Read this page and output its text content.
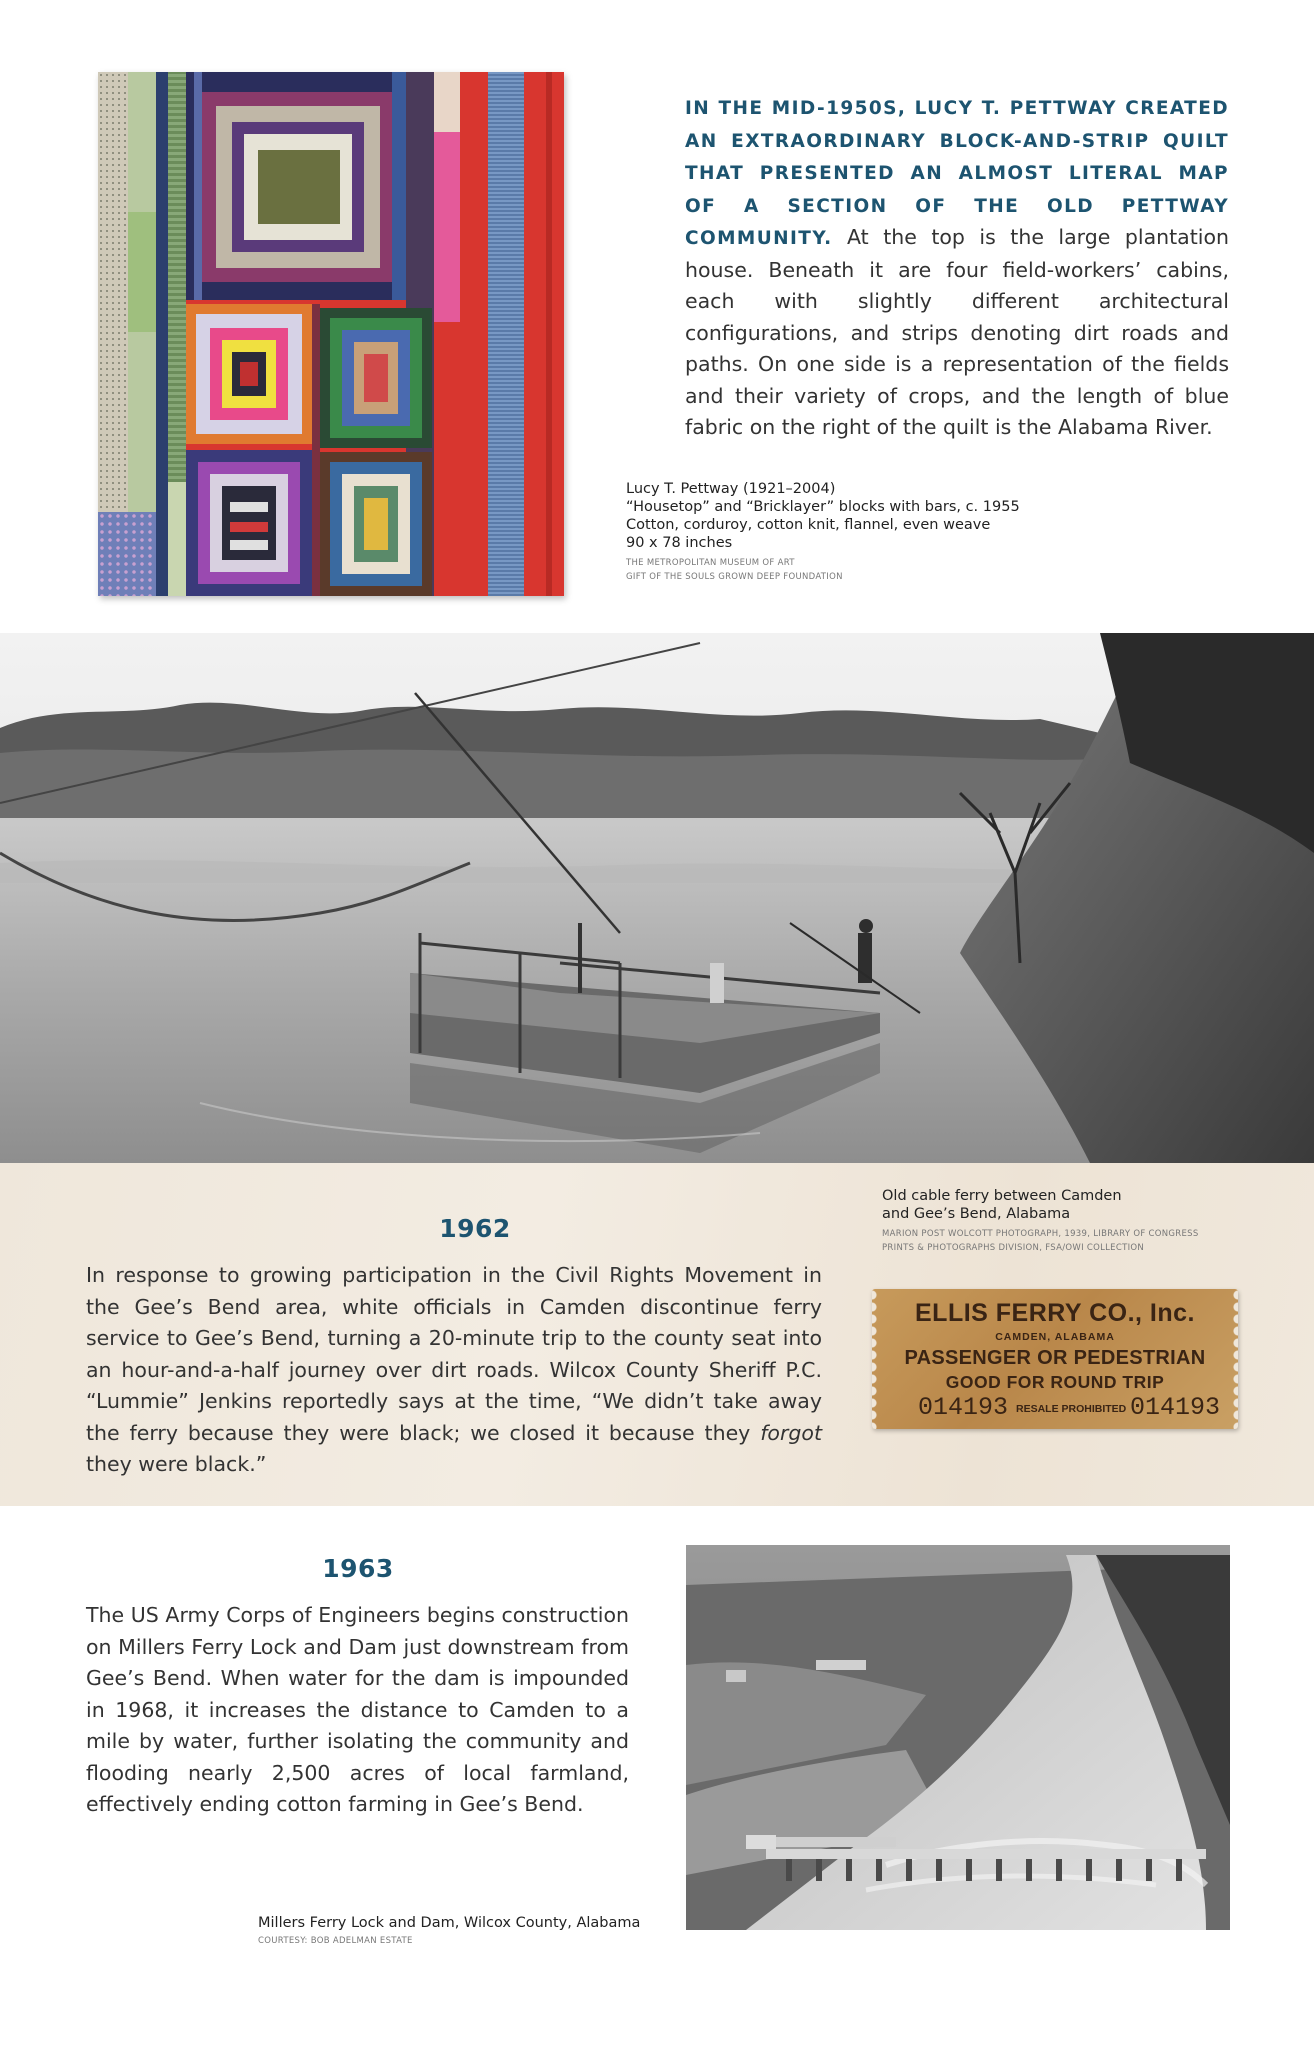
IN THE MID-1950S, LUCY T. PETTWAY CREATED AN EXTRAORDINARY BLOCK-AND-STRIP QUILT THAT PRESENTED AN ALMOST LITERAL MAP OF A SECTION OF THE OLD PETTWAY COMMUNITY. At the top is the large plantation house. Beneath it are four field-workers’ cabins, each with slightly different architectural configurations, and strips denoting dirt roads and paths. On one side is a representation of the fields and their variety of crops, and the length of blue fabric on the right of the quilt is the Alabama River.
Lucy T. Pettway (1921–2004)
“Housetop” and “Bricklayer” blocks with bars, c. 1955
Cotton, corduroy, cotton knit, flannel, even weave
90 x 78 inches
THE METROPOLITAN MUSEUM OF ART
GIFT OF THE SOULS GROWN DEEP FOUNDATION
1962
In response to growing participation in the Civil Rights Movement in the Gee’s Bend area, white officials in Camden discontinue ferry service to Gee’s Bend, turning a 20-minute trip to the county seat into an hour-and-a-half journey over dirt roads. Wilcox County Sheriff P.C. “Lummie” Jenkins reportedly says at the time, “We didn’t take away the ferry because they were black; we closed it because they forgot they were black.”
Old cable ferry between Camden
and Gee’s Bend, Alabama
MARION POST WOLCOTT PHOTOGRAPH, 1939, LIBRARY OF CONGRESS
PRINTS & PHOTOGRAPHS DIVISION, FSA/OWI COLLECTION
ELLIS FERRY CO., Inc.
CAMDEN, ALABAMA
PASSENGER OR PEDESTRIAN
GOOD FOR ROUND TRIP
014193 RESALE PROHIBITED 014193
1963
The US Army Corps of Engineers begins construction on Millers Ferry Lock and Dam just downstream from Gee’s Bend. When water for the dam is impounded in 1968, it increases the distance to Camden to a mile by water, further isolating the community and flooding nearly 2,500 acres of local farmland, effectively ending cotton farming in Gee’s Bend.
Millers Ferry Lock and Dam, Wilcox County, Alabama
COURTESY: BOB ADELMAN ESTATE
